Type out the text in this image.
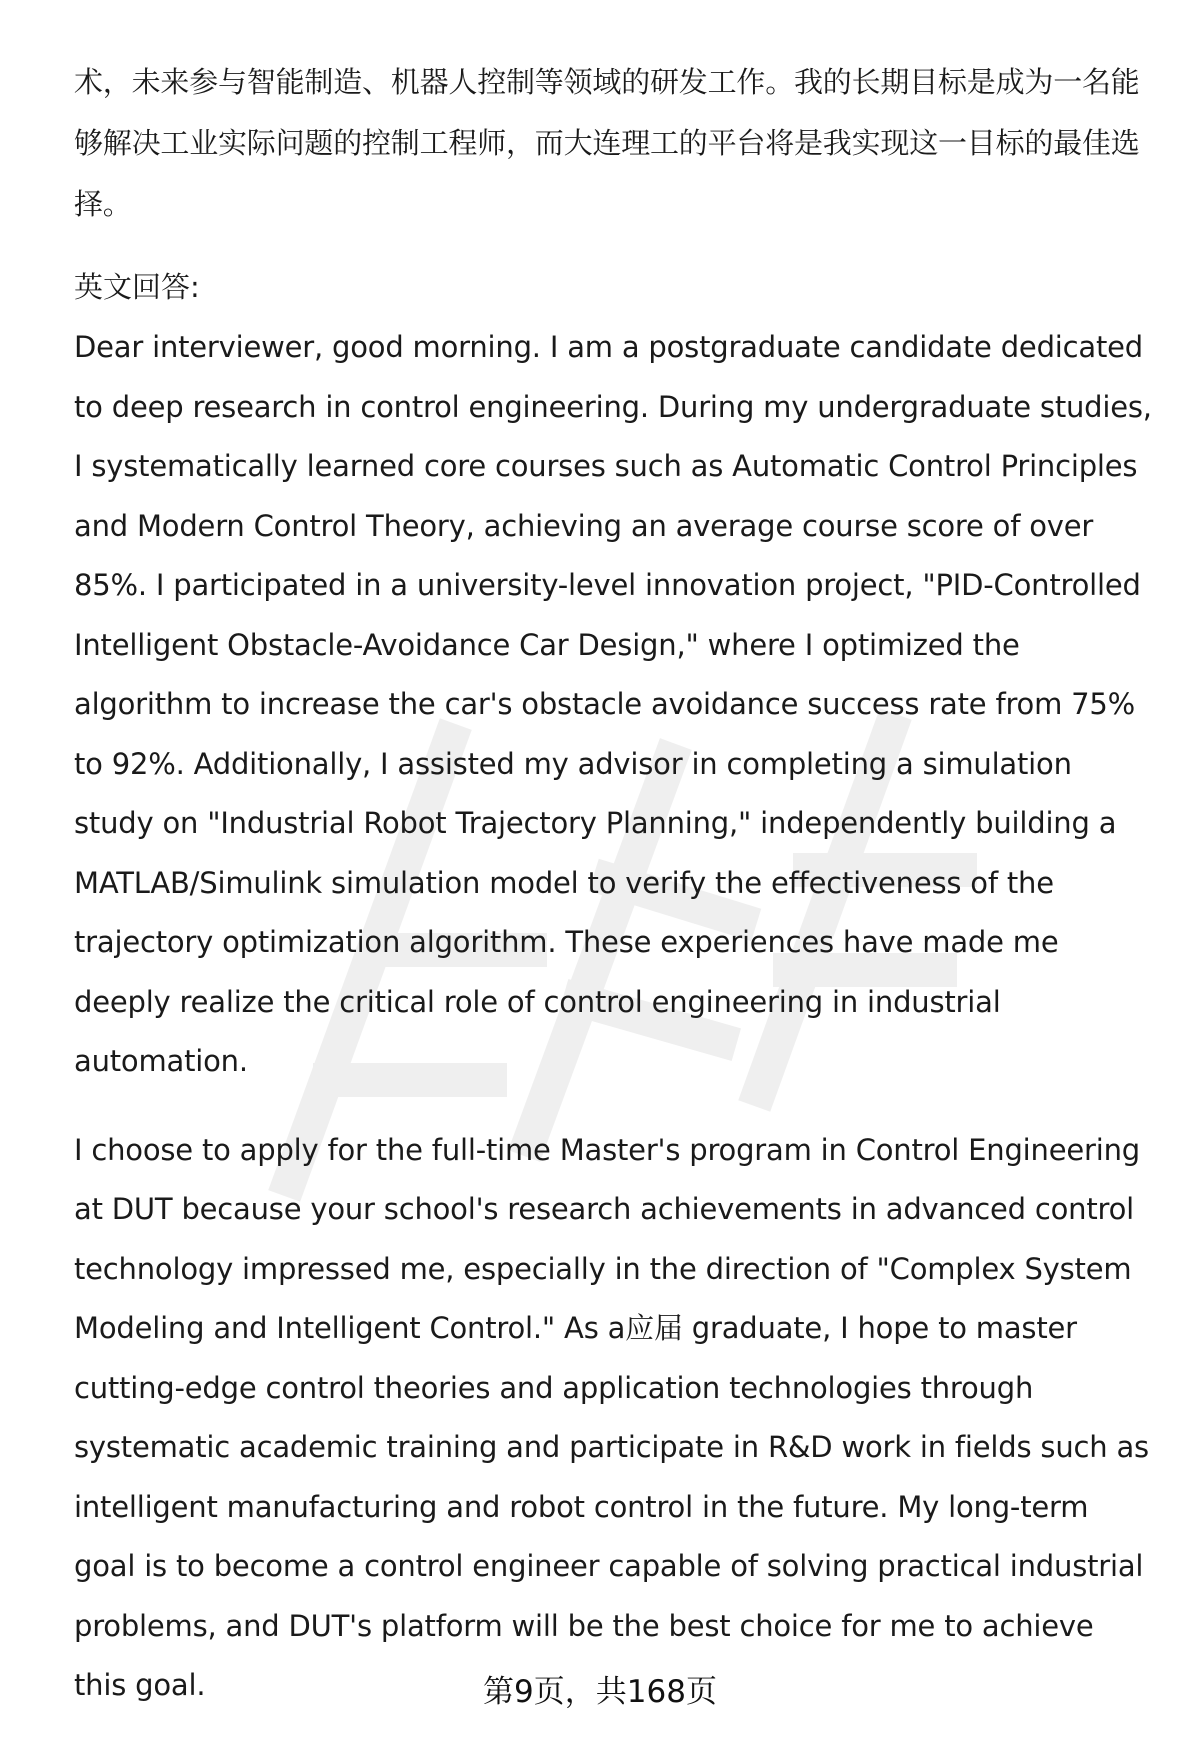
术，未来参与智能制造、机器人控制等领域的研发工作。我的长期目标是成为一名能够解决工业实际问题的控制工程师，而大连理工的平台将是我实现这一目标的最佳选择。

英文回答:

Dear interviewer, good morning. I am a postgraduate candidate dedicated to deep research in control engineering. During my undergraduate studies, I systematically learned core courses such as Automatic Control Principles and Modern Control Theory, achieving an average course score of over 85%. I participated in a university-level innovation project, "PID-Controlled Intelligent Obstacle-Avoidance Car Design," where I optimized the algorithm to increase the car's obstacle avoidance success rate from 75% to 92%. Additionally, I assisted my advisor in completing a simulation study on "Industrial Robot Trajectory Planning," independently building a MATLAB/Simulink simulation model to verify the effectiveness of the trajectory optimization algorithm. These experiences have made me deeply realize the critical role of control engineering in industrial automation.

I choose to apply for the full-time Master's program in Control Engineering at DUT because your school's research achievements in advanced control technology impressed me, especially in the direction of "Complex System Modeling and Intelligent Control." As a应届 graduate, I hope to master cutting-edge control theories and application technologies through systematic academic training and participate in R&D work in fields such as intelligent manufacturing and robot control in the future. My long-term goal is to become a control engineer capable of solving practical industrial problems, and DUT's platform will be the best choice for me to achieve this goal.	第9页，共168页
